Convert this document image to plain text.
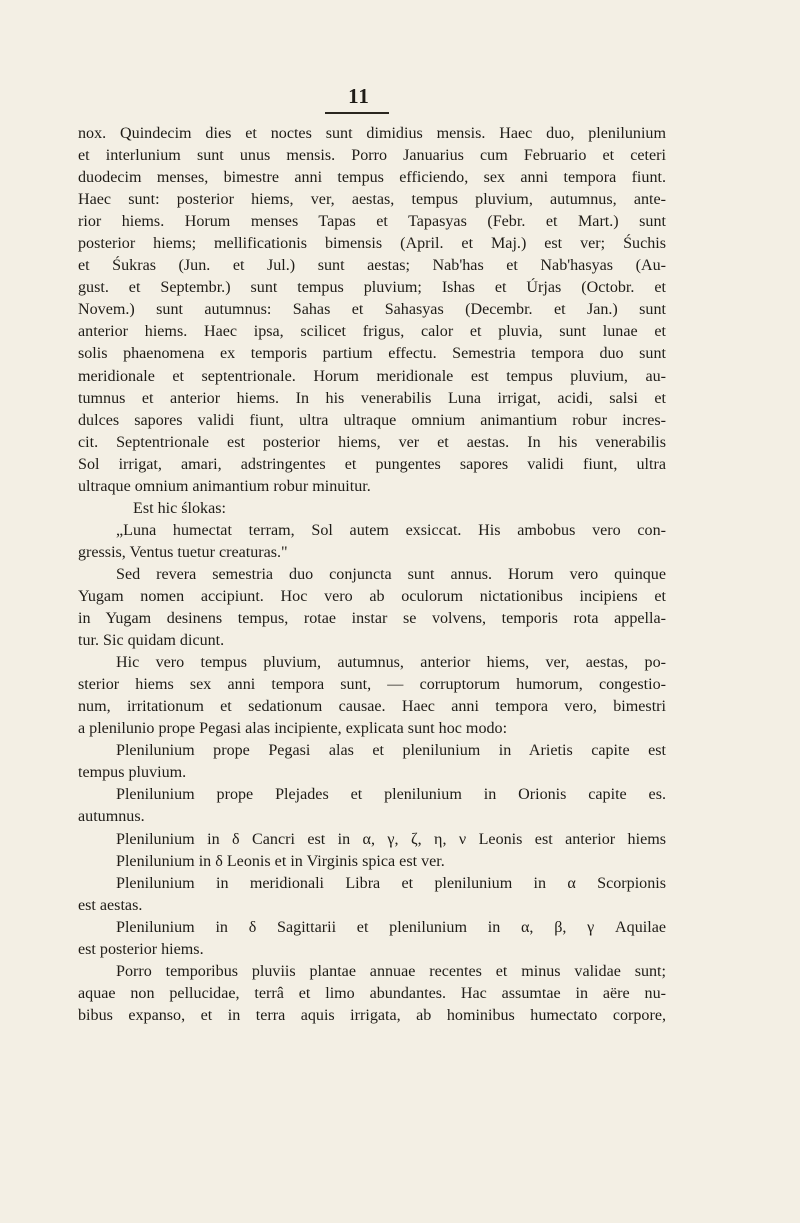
11
nox. Quindecim dies et noctes sunt dimidius mensis. Haec duo, plenilunium
et interlunium sunt unus mensis. Porro Januarius cum Februario et ceteri
duodecim menses, bimestre anni tempus efficiendo, sex anni tempora fiunt.
Haec sunt: posterior hiems, ver, aestas, tempus pluvium, autumnus, ante-
rior hiems. Horum menses Tapas et Tapasyas (Febr. et Mart.) sunt
posterior hiems; mellificationis bimensis (April. et Maj.) est ver; Śuchis
et Śukras (Jun. et Jul.) sunt aestas; Nab'has et Nab'hasyas (Au-
gust. et Septembr.) sunt tempus pluvium; Ishas et Úrjas (Octobr. et
Novem.) sunt autumnus: Sahas et Sahasyas (Decembr. et Jan.) sunt
anterior hiems. Haec ipsa, scilicet frigus, calor et pluvia, sunt lunae et
solis phaenomena ex temporis partium effectu. Semestria tempora duo sunt
meridionale et septentrionale. Horum meridionale est tempus pluvium, au-
tumnus et anterior hiems. In his venerabilis Luna irrigat, acidi, salsi et
dulces sapores validi fiunt, ultra ultraque omnium animantium robur incres-
cit. Septentrionale est posterior hiems, ver et aestas. In his venerabilis
Sol irrigat, amari, adstringentes et pungentes sapores validi fiunt, ultra
ultraque omnium animantium robur minuitur.
Est hic ślokas:
„Luna humectat terram, Sol autem exsiccat. His ambobus vero con-
gressis, Ventus tuetur creaturas."
Sed revera semestria duo conjuncta sunt annus. Horum vero quinque
Yugam nomen accipiunt. Hoc vero ab oculorum nictationibus incipiens et
in Yugam desinens tempus, rotae instar se volvens, temporis rota appella-
tur. Sic quidam dicunt.
Hic vero tempus pluvium, autumnus, anterior hiems, ver, aestas, po-
sterior hiems sex anni tempora sunt, — corruptorum humorum, congestio-
num, irritationum et sedationum causae. Haec anni tempora vero, bimestri
a plenilunio prope Pegasi alas incipiente, explicata sunt hoc modo:
Plenilunium prope Pegasi alas et plenilunium in Arietis capite est
tempus pluvium.
Plenilunium prope Plejades et plenilunium in Orionis capite es.
autumnus.
Plenilunium in δ Cancri est in α, γ, ζ, η, ν Leonis est anterior hiems
Plenilunium in δ Leonis et in Virginis spica est ver.
Plenilunium in meridionali Libra et plenilunium in α Scorpionis
est aestas.
Plenilunium in δ Sagittarii et plenilunium in α, β, γ Aquilae
est posterior hiems.
Porro temporibus pluviis plantae annuae recentes et minus validae sunt;
aquae non pellucidae, terrâ et limo abundantes. Hac assumtae in aëre nu-
bibus expanso, et in terra aquis irrigata, ab hominibus humectato corpore,
